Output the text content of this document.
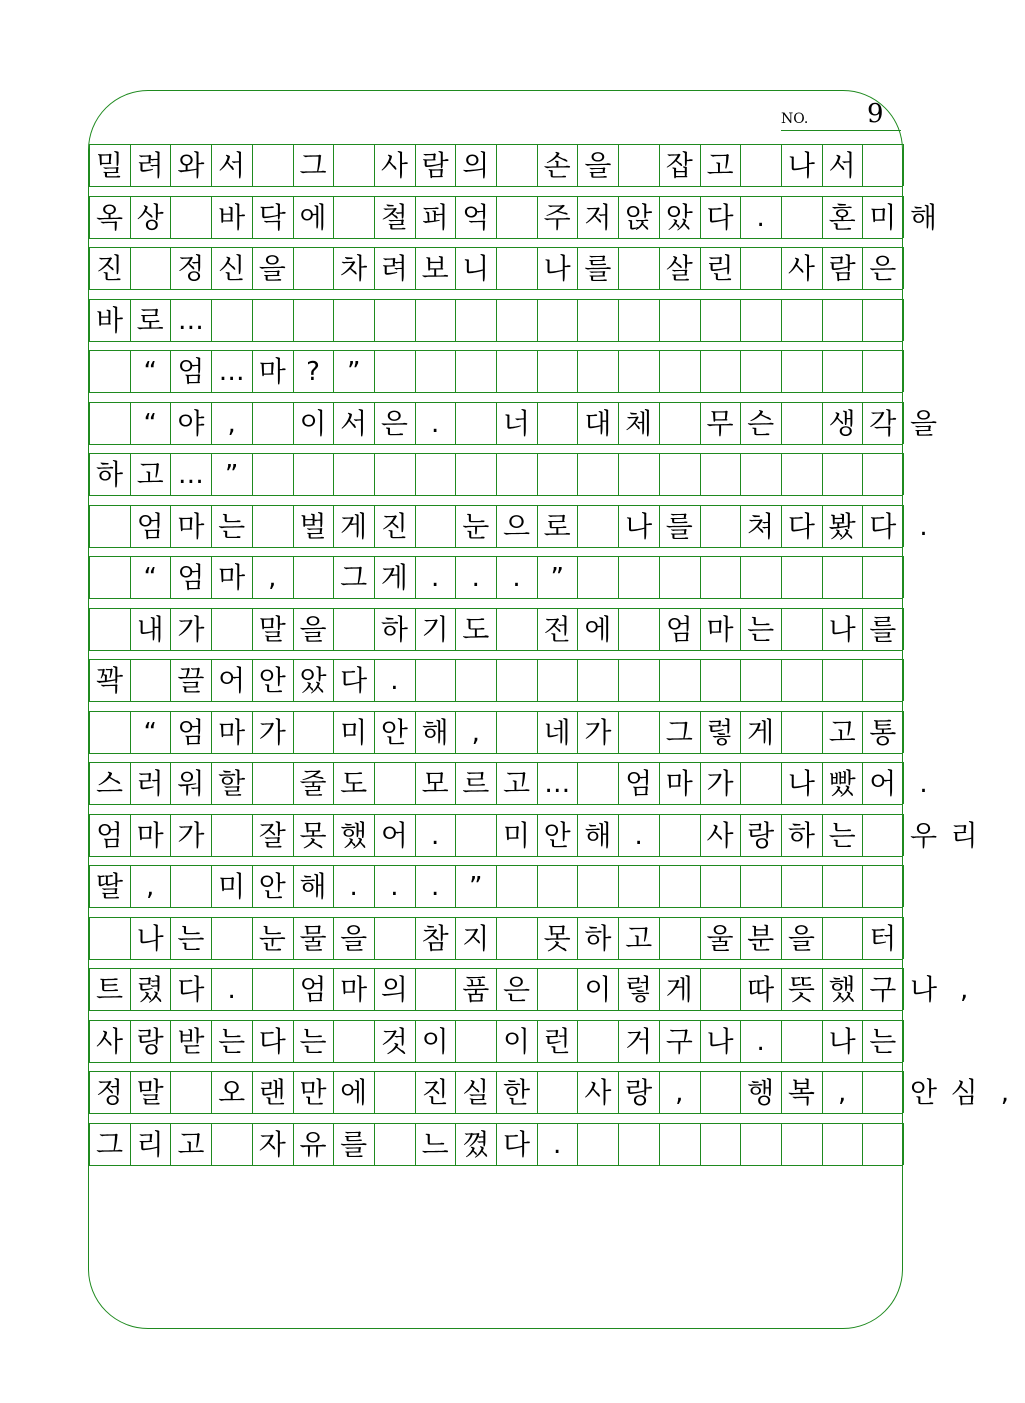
NO. 9
밀 려 와 서 그 사 람 의 손 을 잡 고 나 서
옥 상 바 닥 에 철 퍼 억 주 저 앉 았 다 .	혼 미 해
진 정 신 을 차 려 보 니 나 를 살 린 사 람 은
바 로 …
“ 엄 … 마 ?	”
“ 야 ,	이 서 은 .	너 대 체 무 슨 생 각 을
하 고 … ”
엄 마 는 벌 게 진 눈 으 로 나 를 쳐 다 봤 다 .
“ 엄 마 ,	그 게 .	.	.	”
내 가 말 을 하 기 도 전 에 엄 마 는 나 를
꽉 끌 어 안 았 다 .
“ 엄 마 가 미 안 해 ,	네 가 그 렇 게 고 통
스 러 워 할 줄 도 모 르 고 … 엄 마 가 나 빴 어 .
엄 마 가 잘 못 했 어 .	미 안 해 .	사 랑 하 는 우 리
딸 ,	미 안 해 .	.	.	”
나 는 눈 물 을 참 지 못 하 고 울 분 을 터
트 렸 다 .	엄 마 의 품 은 이 렇 게 따 뜻 했 구 나 ,
사 랑 받 는 다 는 것 이 이 런 거 구 나 .	나 는
정 말 오 랜 만 에 진 실 한 사 랑 ,	행 복 ,	안 심 ,
그 리 고 자 유 를 느 꼈 다 .
